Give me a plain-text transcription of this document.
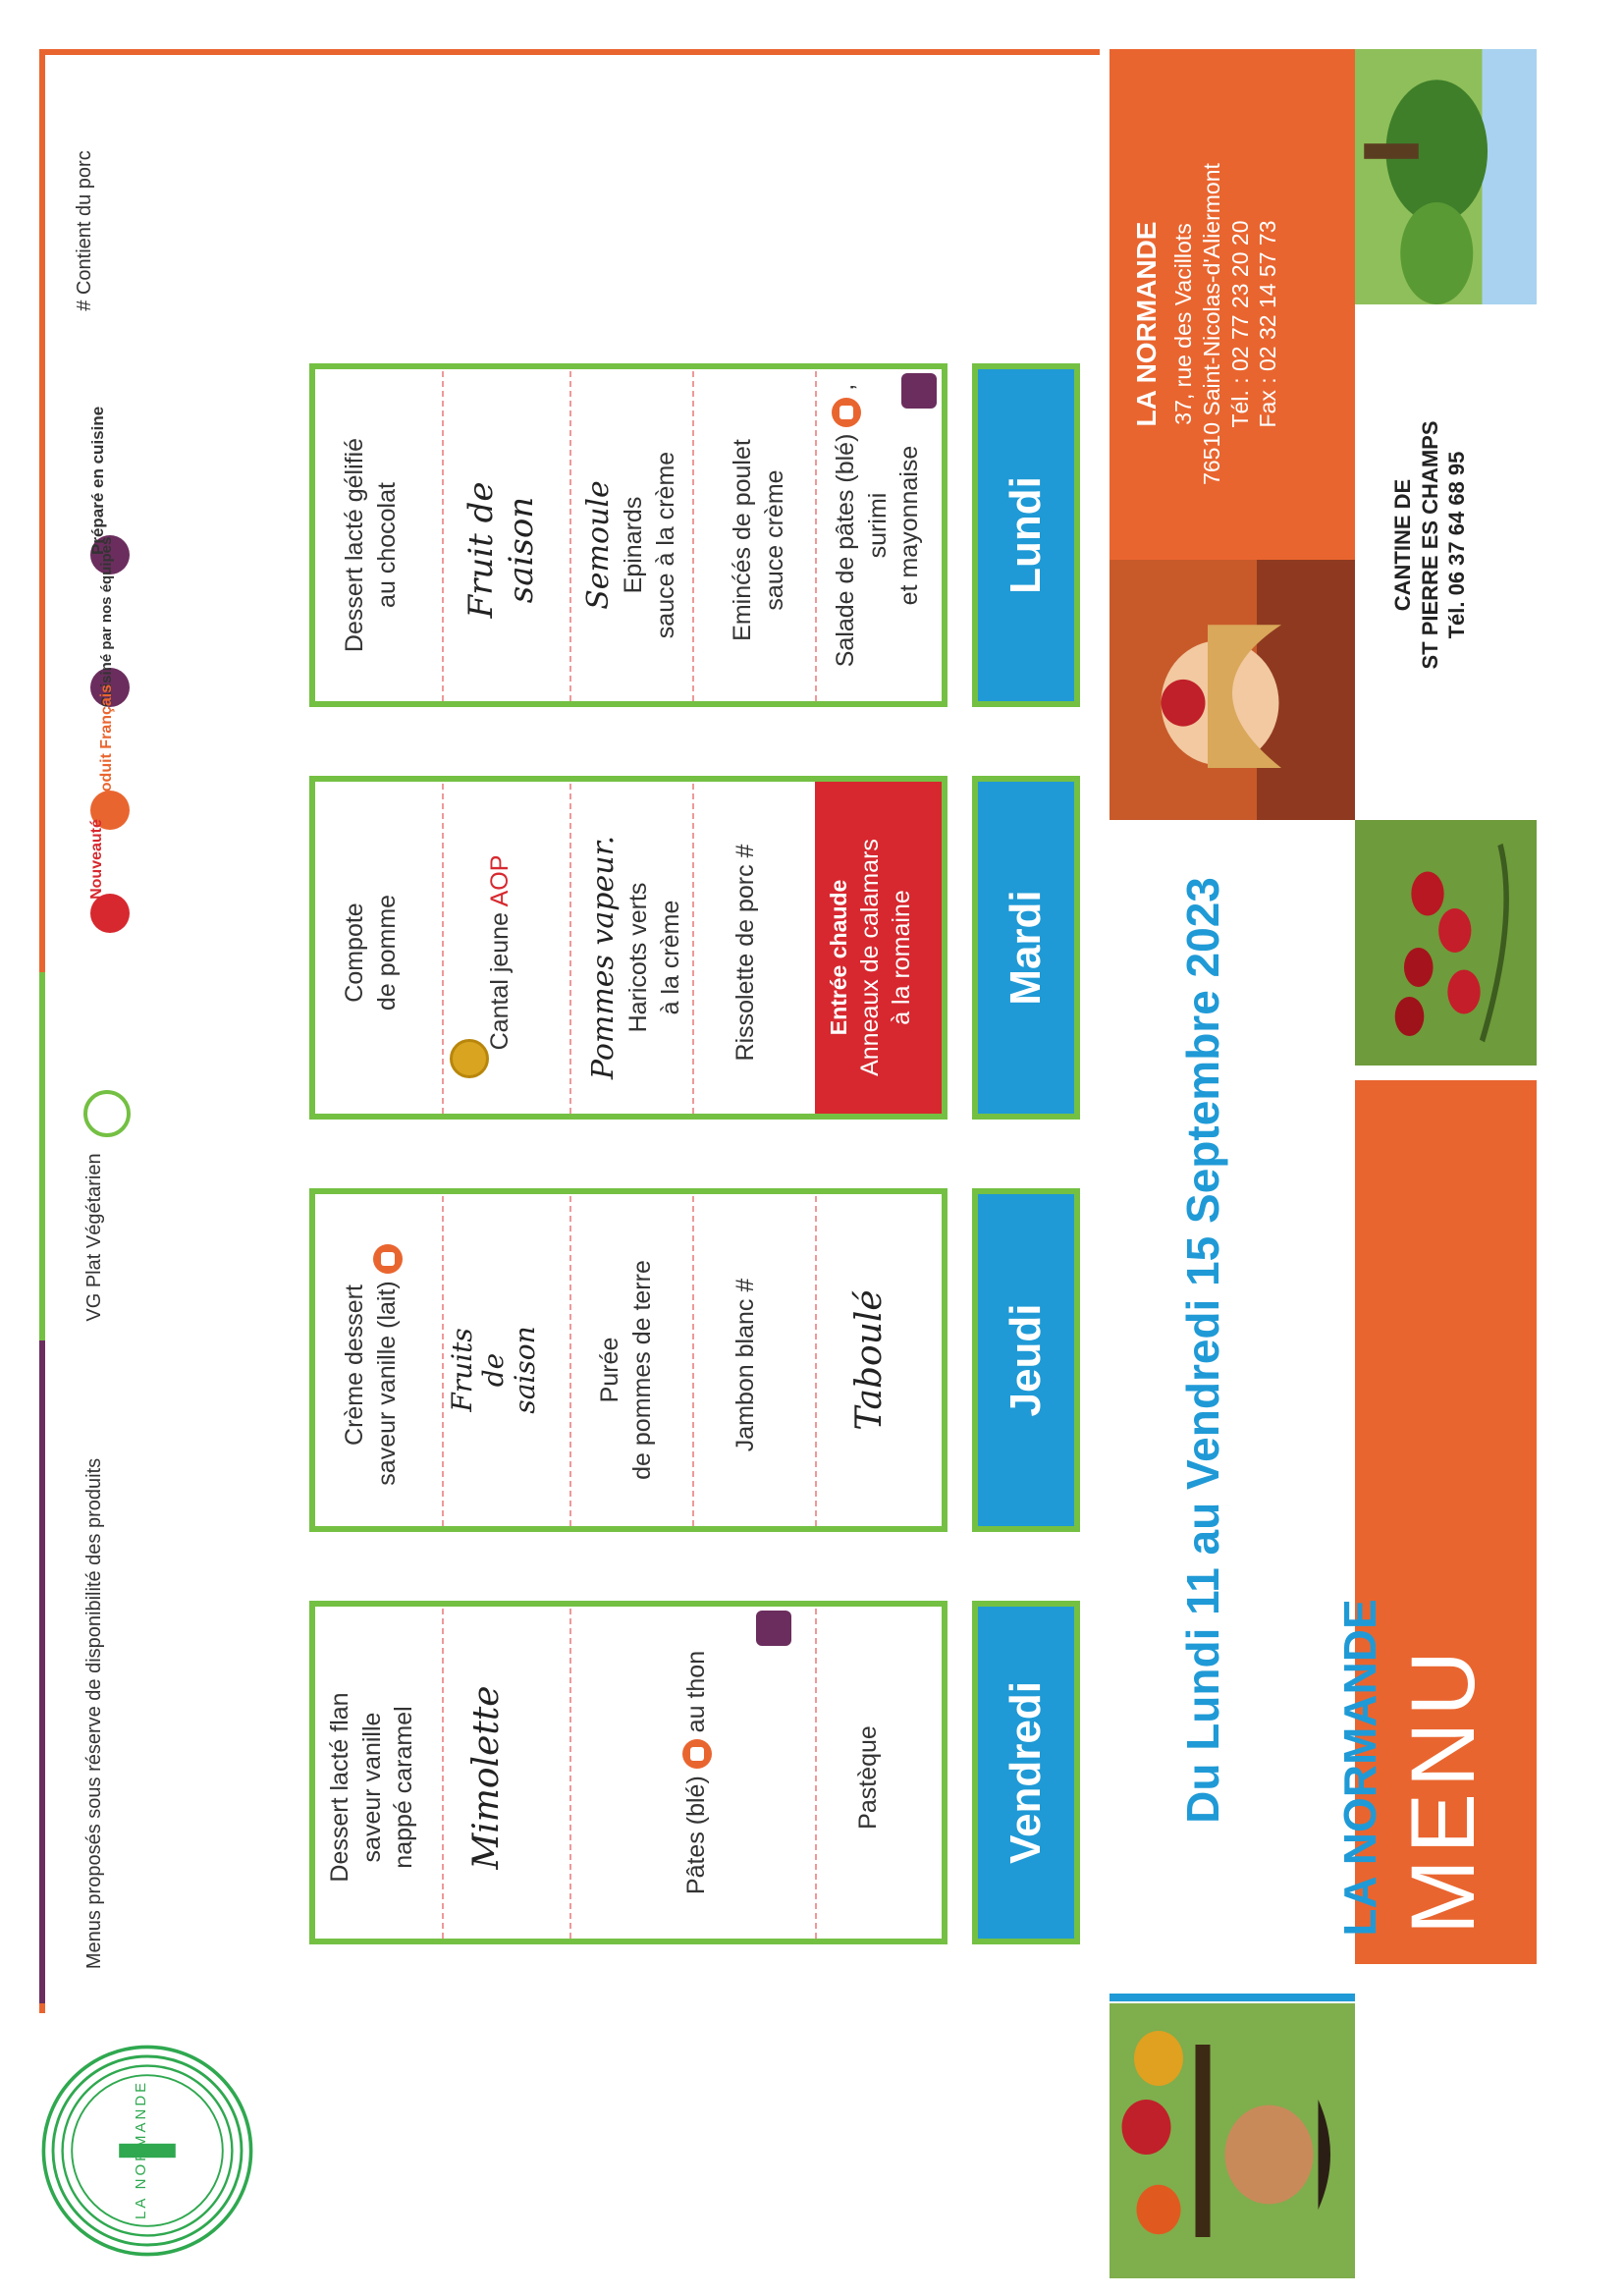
MENU
LA NORMANDE
Du Lundi 11 au Vendredi 15 Septembre 2023
CANTINE DE ST PIERRE ES CHAMPS Tél. 06 37 64 68 95
LA NORMANDE 37, rue des Vacillots 76510 Saint-Nicolas-d'Aliermont Tél. : 02 77 23 20 20 Fax : 02 32 14 57 73
Lundi
Mardi
Jeudi
Vendredi
Salade de pâtes (blé)  ,
surimi et mayonnaise
Eminćés de poulet sauce crème
Semoule Epinards sauce à la crème
Fruit de saison
Dessert lacté gélifié au chocolat
Entrée chaude Anneaux de calamars à la romaine
Rissolette de porc #
Pommes vapeur. Haricots verts à la crème
Cantal jeune AOP
Compote de pomme
Taboulé
Jambon blanc #
Purée de pommes de terre
Fruits de saison
Crème dessert saveur vanille (lait)
Pastèque
Pâtes (blé)  au thon
Mimolette
Dessert lacté flan saveur vanille nappé caramel
# Contient du porc
Préparé en cuisine
Cuisiné par nos équipes
Produit Français
Nouveauté
VG Plat Végétarien
Menus proposés sous réserve de disponibilité des produits
LA NORMANDE
